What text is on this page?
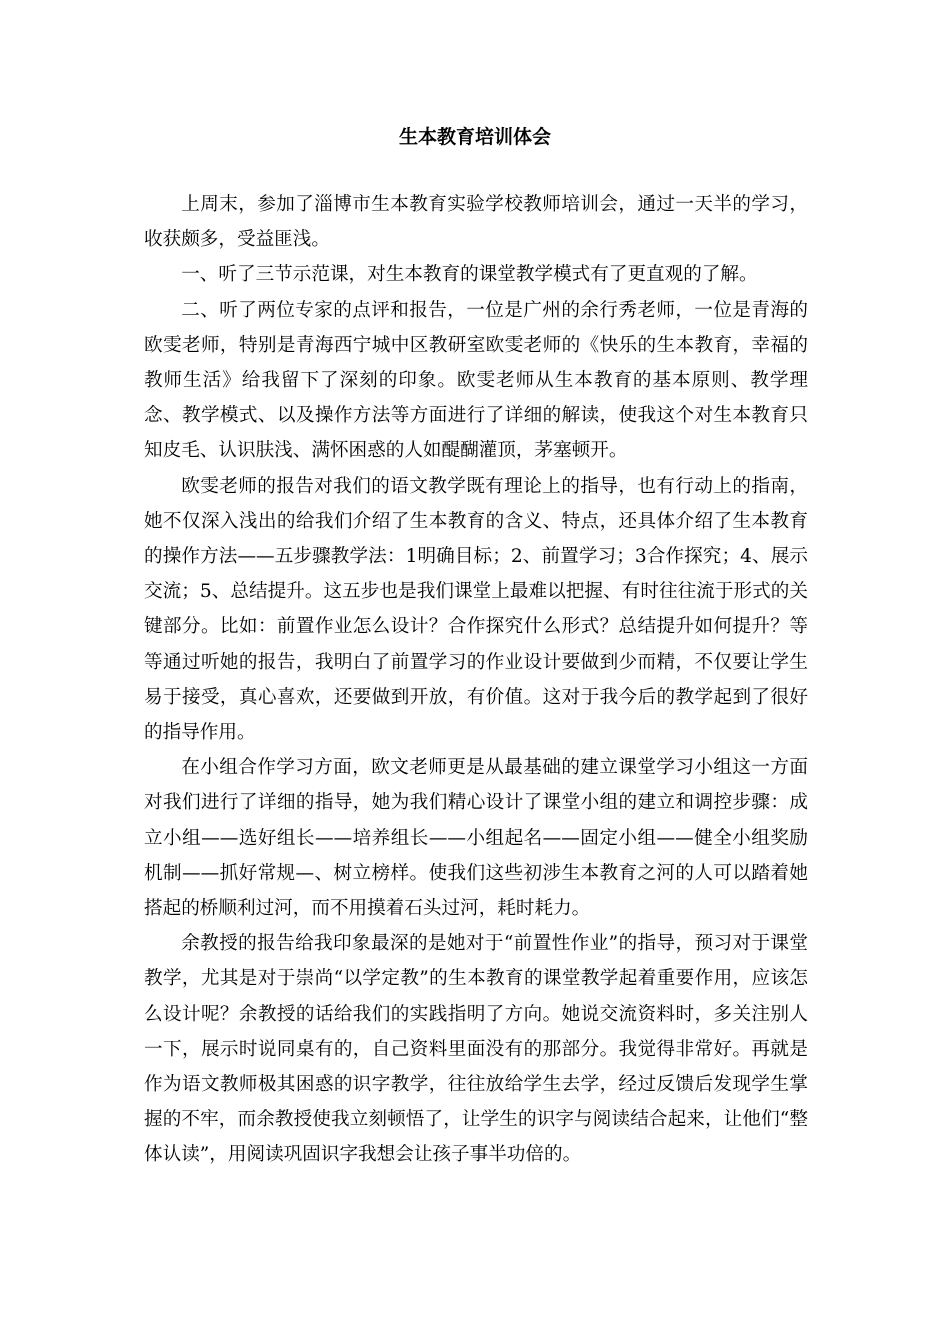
生本教育培训体会

上周末，参加了淄博市生本教育实验学校教师培训会，通过一天半的学习，收获颇多，受益匪浅。

一、听了三节示范课，对生本教育的课堂教学模式有了更直观的了解。

二、听了两位专家的点评和报告，一位是广州的余行秀老师，一位是青海的欧雯老师，特别是青海西宁城中区教研室欧雯老师的《快乐的生本教育，幸福的教师生活》给我留下了深刻的印象。欧雯老师从生本教育的基本原则、教学理念、教学模式、以及操作方法等方面进行了详细的解读，使我这个对生本教育只知皮毛、认识肤浅、满怀困惑的人如醍醐灌顶，茅塞顿开。

欧雯老师的报告对我们的语文教学既有理论上的指导，也有行动上的指南，她不仅深入浅出的给我们介绍了生本教育的含义、特点，还具体介绍了生本教育的操作方法——五步骤教学法：1明确目标；2、前置学习；3合作探究；4、展示交流；5、总结提升。这五步也是我们课堂上最难以把握、有时往往流于形式的关键部分。比如：前置作业怎么设计？合作探究什么形式？总结提升如何提升？等等通过听她的报告，我明白了前置学习的作业设计要做到少而精，不仅要让学生易于接受，真心喜欢，还要做到开放，有价值。这对于我今后的教学起到了很好的指导作用。

在小组合作学习方面，欧文老师更是从最基础的建立课堂学习小组这一方面对我们进行了详细的指导，她为我们精心设计了课堂小组的建立和调控步骤：成立小组——选好组长——培养组长——小组起名——固定小组——健全小组奖励机制——抓好常规—、树立榜样。使我们这些初涉生本教育之河的人可以踏着她搭起的桥顺利过河，而不用摸着石头过河，耗时耗力。

余教授的报告给我印象最深的是她对于“前置性作业”的指导，预习对于课堂教学，尤其是对于崇尚“以学定教”的生本教育的课堂教学起着重要作用，应该怎么设计呢？余教授的话给我们的实践指明了方向。她说交流资料时，多关注别人一下，展示时说同桌有的，自己资料里面没有的那部分。我觉得非常好。再就是作为语文教师极其困惑的识字教学，往往放给学生去学，经过反馈后发现学生掌握的不牢，而余教授使我立刻顿悟了，让学生的识字与阅读结合起来，让他们“整体认读”，用阅读巩固识字我想会让孩子事半功倍的。
